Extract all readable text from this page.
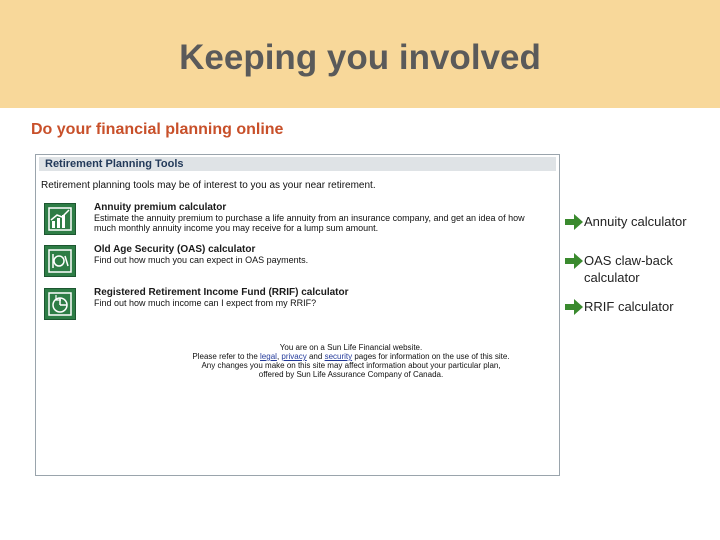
Keeping you involved
Do your financial planning online
Retirement Planning Tools
Retirement planning tools may be of interest to you as your near retirement.
Annuity premium calculator
Estimate the annuity premium to purchase a life annuity from an insurance company, and get an idea of how much monthly annuity income you may receive for a lump sum amount.
Old Age Security (OAS) calculator
Find out how much you can expect in OAS payments.
Registered Retirement Income Fund (RRIF) calculator
Find out how much income can I expect from my RRIF?
You are on a Sun Life Financial website.
Please refer to the legal, privacy and security pages for information on the use of this site.
Any changes you make on this site may affect information about your particular plan,
offered by Sun Life Assurance Company of Canada.
Annuity calculator
OAS claw-back calculator
RRIF calculator
